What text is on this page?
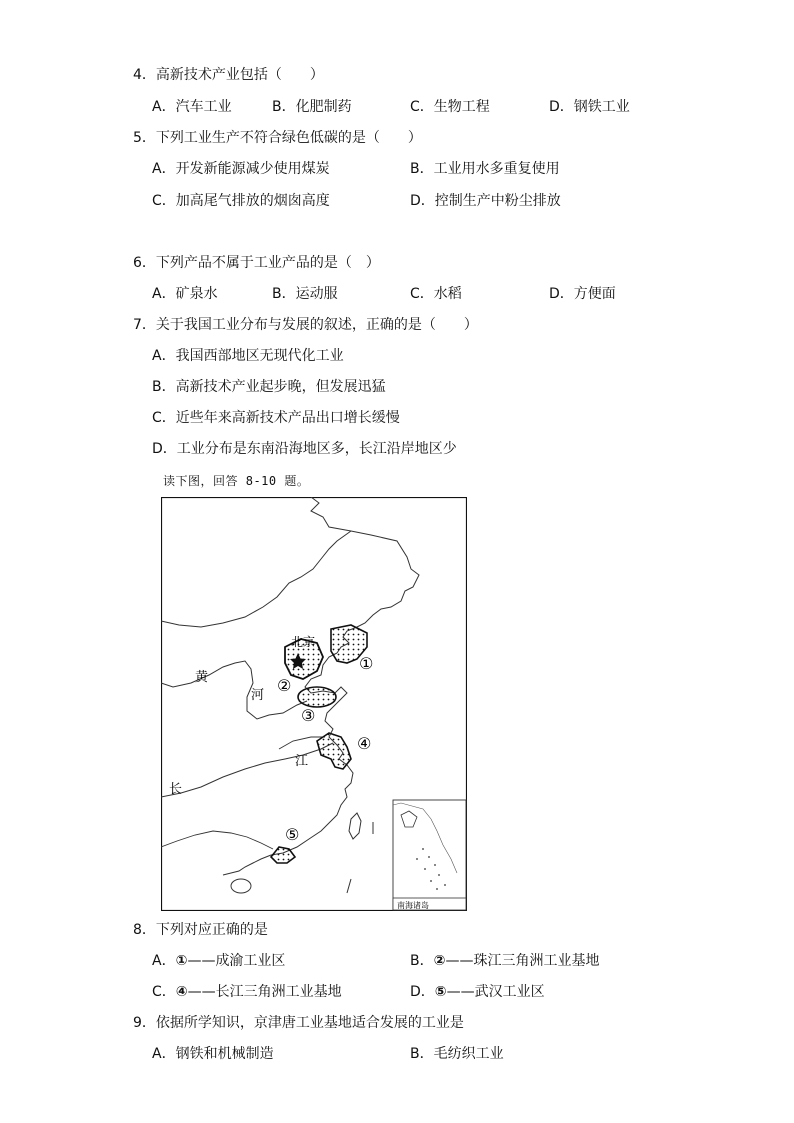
4．高新技术产业包括（　　）
A．汽车工业	B．化肥制药	C．生物工程	D．钢铁工业
5．下列工业生产不符合绿色低碳的是（　　）
A．开发新能源减少使用煤炭	B．工业用水多重复使用
C．加高尾气排放的烟囱高度	D．控制生产中粉尘排放
6．下列产品不属于工业产品的是（　）
A．矿泉水	B．运动服	C．水稻	D．方便面
7．关于我国工业分布与发展的叙述，正确的是（　　）
A．我国西部地区无现代化工业
B．高新技术产业起步晚，但发展迅猛
C．近些年来高新技术产品出口增长缓慢
D．工业分布是东南沿海地区多，长江沿岸地区少
读下图，回答 8-10 题。
北京
黄
河
江
长
①
②
③
④
⑤
南海诸岛
8．下列对应正确的是
A．①——成渝工业区	B．②——珠江三角洲工业基地
C．④——长江三角洲工业基地	D．⑤——武汉工业区
9．依据所学知识，京津唐工业基地适合发展的工业是
A．钢铁和机械制造	B．毛纺织工业
